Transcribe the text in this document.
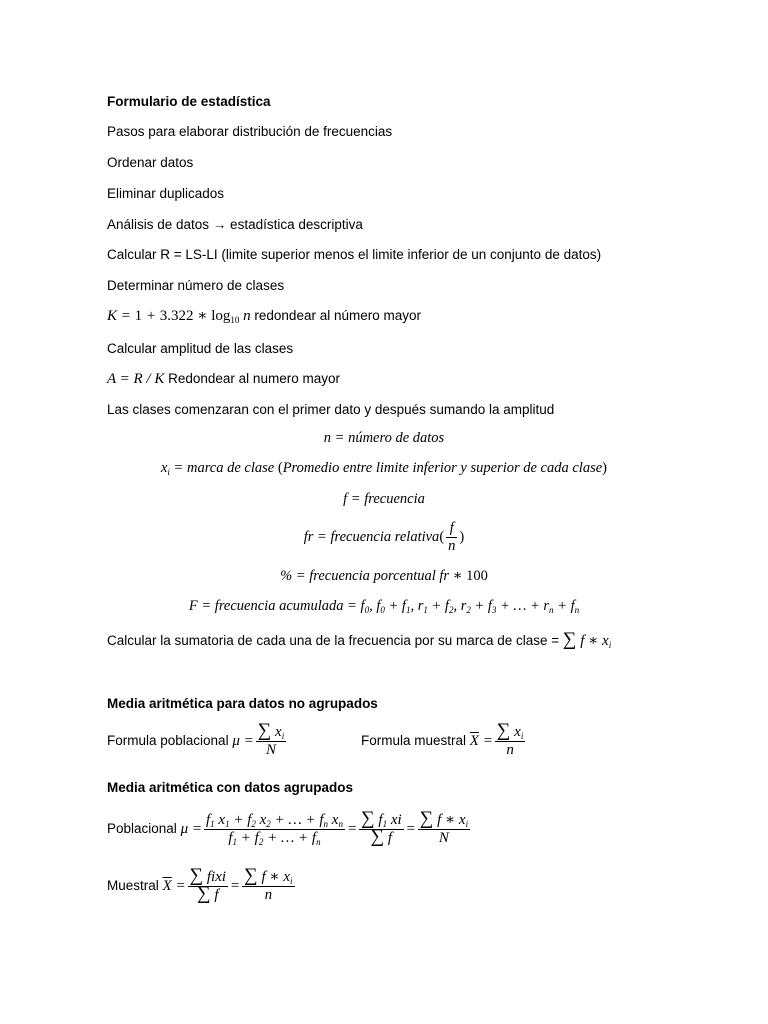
Formulario de estadística
Pasos para elaborar distribución de frecuencias
Ordenar datos
Eliminar duplicados
Análisis de datos → estadística descriptiva
Calcular R = LS-LI (limite superior menos el limite inferior de un conjunto de datos)
Determinar número de clases
K = 1 + 3.322 ∗ $\log_{10} n$ redondear al número mayor
Calcular amplitud de las clases
A = R / K Redondear al numero mayor
Las clases comenzaran con el primer dato y después sumando la amplitud
n = número de datos
$x_i$ = marca de clase (Promedio entre limite inferior y superior de cada clase)
f = frecuencia
fr = frecuencia relativa( $\frac{f}{n}$ )
% = frecuencia porcentual fr ∗ 100
F = frecuencia acumulada = $f_0$, $f_0 + f_1$, $r_1 + f_2$, $r_2 + f_3$ + … + $r_n + f_n$
Calcular la sumatoria de cada una de la frecuencia por su marca de clase = ∑ f ∗ $x_i$
Media aritmética para datos no agrupados
Formula poblacional $\mu = \frac{\sum x_i}{N}$	Formula muestral $\overline{X} = \frac{\sum x_i}{n}$
Media aritmética con datos agrupados
Poblacional $\mu = \frac{f_1 x_1 + f_2 x_2 + \dots + f_n x_n}{f_1 + f_2 + \dots + f_n} = \frac{\sum f_1 xi}{\sum f} = \frac{\sum f ∗ x_i}{N}$
Muestral $\overline{X} = \frac{\text{∑ fixi}}{\sum f} = \frac{\sum f ∗ x_i}{n}$
